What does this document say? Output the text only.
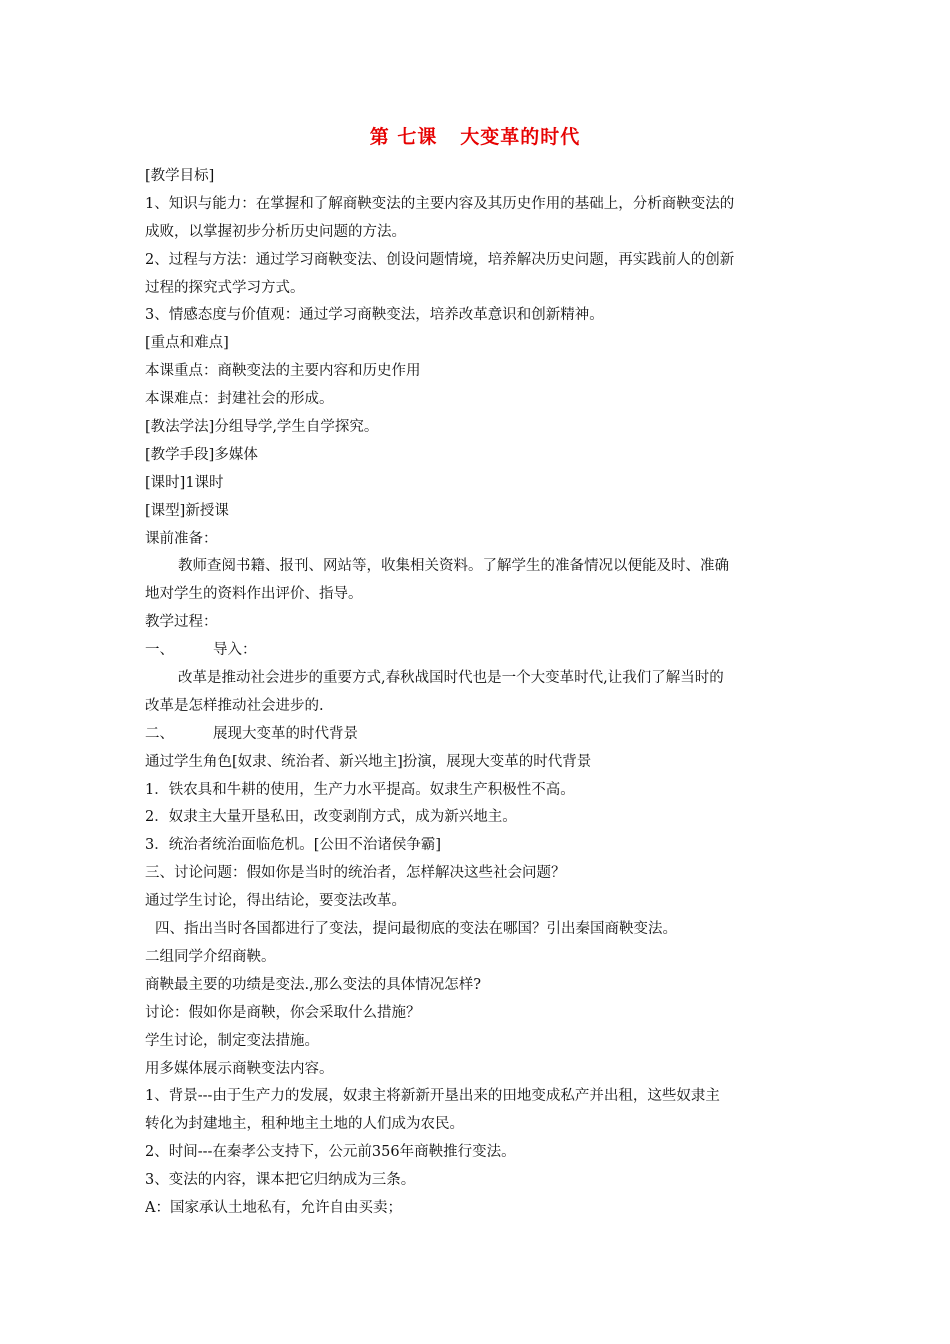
第 七课   大变革的时代
[教学目标]
1、知识与能力：在掌握和了解商鞅变法的主要内容及其历史作用的基础上，分析商鞅变法的
成败，以掌握初步分析历史问题的方法。
2、过程与方法：通过学习商鞅变法、创设问题情境，培养解决历史问题，再实践前人的创新
过程的探究式学习方式。
3、情感态度与价值观：通过学习商鞅变法，培养改革意识和创新精神。
[重点和难点]
本课重点：商鞅变法的主要内容和历史作用
本课难点：封建社会的形成。
[教法学法]分组导学,学生自学探究。
[教学手段]多媒体
[课时]1课时
[课型]新授课
课前准备：
教师查阅书籍、报刊、网站等，收集相关资料。了解学生的准备情况以便能及时、准确
地对学生的资料作出评价、指导。
教学过程：
一、	导入：
改革是推动社会进步的重要方式,春秋战国时代也是一个大变革时代,让我们了解当时的
改革是怎样推动社会进步的.
二、	展现大变革的时代背景
通过学生角色[奴隶、统治者、新兴地主]扮演，展现大变革的时代背景
1．铁农具和牛耕的使用，生产力水平提高。奴隶生产积极性不高。
2．奴隶主大量开垦私田，改变剥削方式，成为新兴地主。
3．统治者统治面临危机。[公田不治诸侯争霸]
三、讨论问题：假如你是当时的统治者，怎样解决这些社会问题？
通过学生讨论，得出结论，要变法改革。
四、指出当时各国都进行了变法，提问最彻底的变法在哪国？引出秦国商鞅变法。
二组同学介绍商鞅。
商鞅最主要的功绩是变法.,那么变法的具体情况怎样?
讨论：假如你是商鞅，你会采取什么措施？
学生讨论，制定变法措施。
用多媒体展示商鞅变法内容。
1、背景---由于生产力的发展，奴隶主将新新开垦出来的田地变成私产并出租，这些奴隶主
转化为封建地主，租种地主土地的人们成为农民。
2、时间---在秦孝公支持下，公元前356年商鞅推行变法。
3、变法的内容，课本把它归纳成为三条。
A：国家承认土地私有，允许自由买卖；
